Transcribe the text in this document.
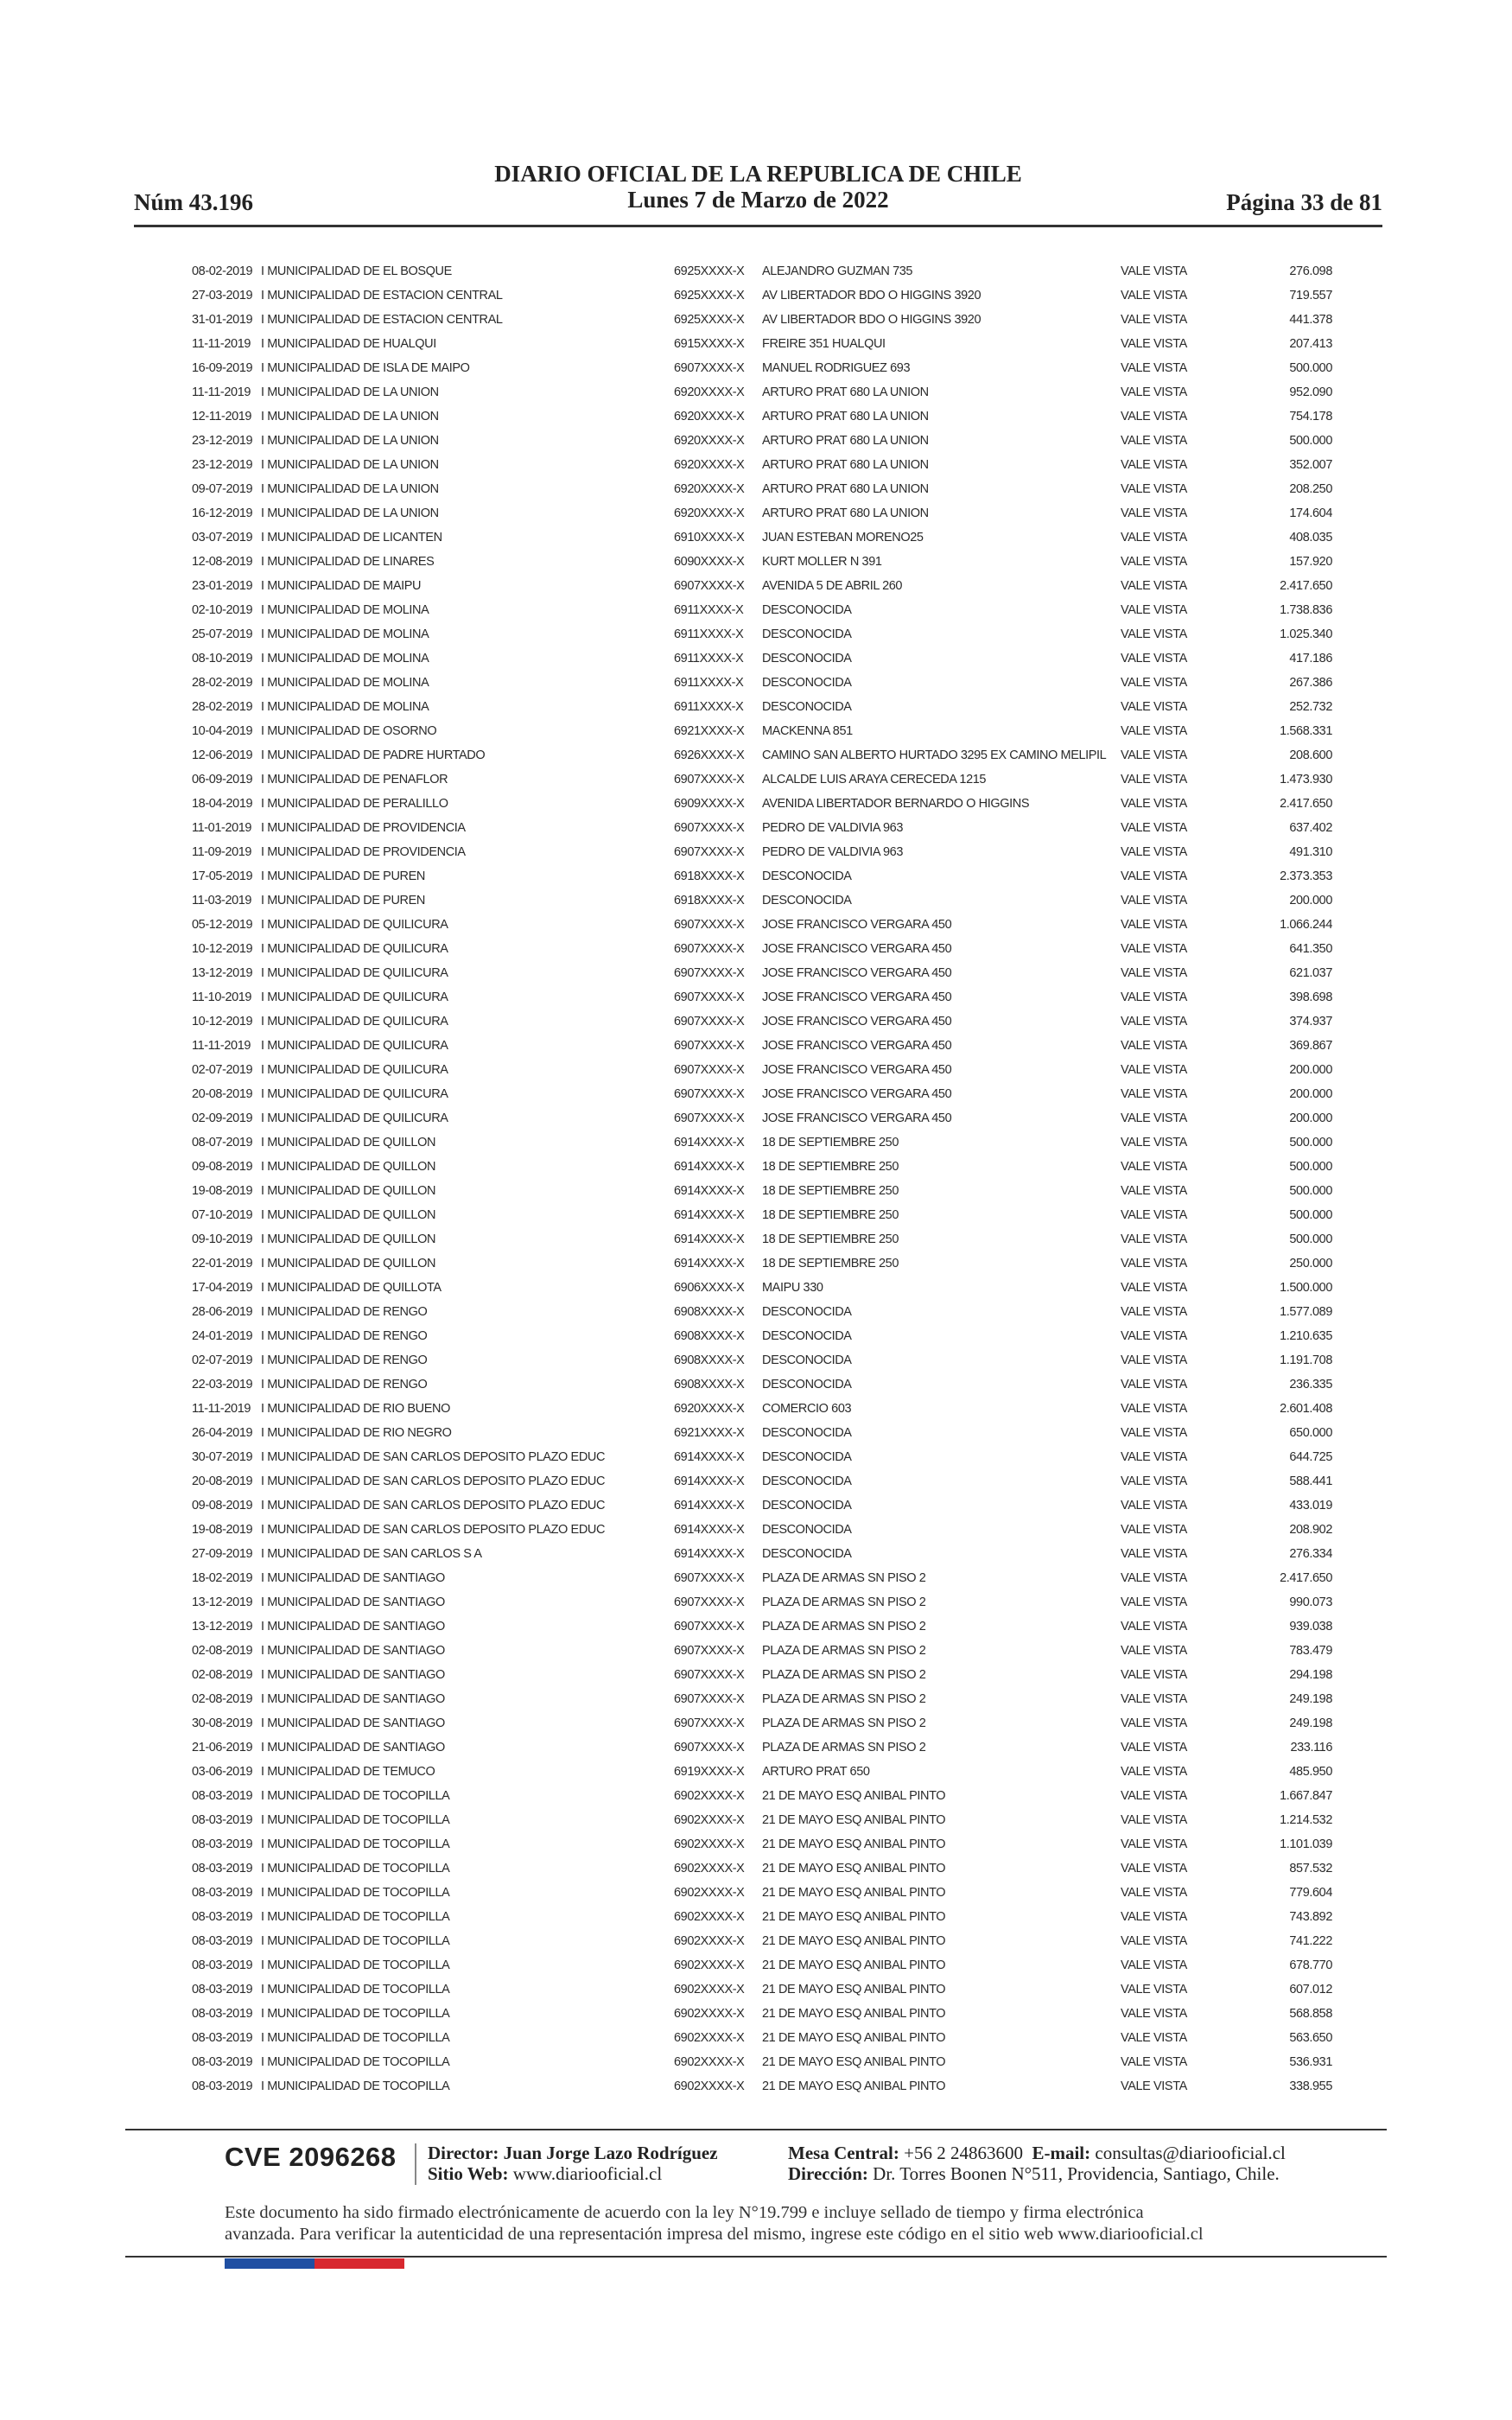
Núm 43.196
DIARIO OFICIAL DE LA REPUBLICA DE CHILE
Lunes 7 de Marzo de 2022	Página 33 de 81
08-02-2019 I MUNICIPALIDAD DE EL BOSQUE	6925XXXX-X ALEJANDRO GUZMAN 735	VALE VISTA	276.098
27-03-2019 I MUNICIPALIDAD DE ESTACION CENTRAL	6925XXXX-X AV LIBERTADOR BDO O HIGGINS 3920	VALE VISTA	719.557
31-01-2019 I MUNICIPALIDAD DE ESTACION CENTRAL	6925XXXX-X AV LIBERTADOR BDO O HIGGINS 3920	VALE VISTA	441.378
11-11-2019 I MUNICIPALIDAD DE HUALQUI	6915XXXX-X FREIRE 351 HUALQUI	VALE VISTA	207.413
16-09-2019 I MUNICIPALIDAD DE ISLA DE MAIPO	6907XXXX-X MANUEL RODRIGUEZ 693	VALE VISTA	500.000
11-11-2019 I MUNICIPALIDAD DE LA UNION	6920XXXX-X ARTURO PRAT 680 LA UNION	VALE VISTA	952.090
12-11-2019 I MUNICIPALIDAD DE LA UNION	6920XXXX-X ARTURO PRAT 680 LA UNION	VALE VISTA	754.178
23-12-2019 I MUNICIPALIDAD DE LA UNION	6920XXXX-X ARTURO PRAT 680 LA UNION	VALE VISTA	500.000
23-12-2019 I MUNICIPALIDAD DE LA UNION	6920XXXX-X ARTURO PRAT 680 LA UNION	VALE VISTA	352.007
09-07-2019 I MUNICIPALIDAD DE LA UNION	6920XXXX-X ARTURO PRAT 680 LA UNION	VALE VISTA	208.250
16-12-2019 I MUNICIPALIDAD DE LA UNION	6920XXXX-X ARTURO PRAT 680 LA UNION	VALE VISTA	174.604
03-07-2019 I MUNICIPALIDAD DE LICANTEN	6910XXXX-X JUAN ESTEBAN MORENO25	VALE VISTA	408.035
12-08-2019 I MUNICIPALIDAD DE LINARES	6090XXXX-X KURT MOLLER N 391	VALE VISTA	157.920
23-01-2019 I MUNICIPALIDAD DE MAIPU	6907XXXX-X AVENIDA 5 DE ABRIL 260	VALE VISTA	2.417.650
02-10-2019 I MUNICIPALIDAD DE MOLINA	6911XXXX-X DESCONOCIDA	VALE VISTA	1.738.836
25-07-2019 I MUNICIPALIDAD DE MOLINA	6911XXXX-X DESCONOCIDA	VALE VISTA	1.025.340
08-10-2019 I MUNICIPALIDAD DE MOLINA	6911XXXX-X DESCONOCIDA	VALE VISTA	417.186
28-02-2019 I MUNICIPALIDAD DE MOLINA	6911XXXX-X DESCONOCIDA	VALE VISTA	267.386
28-02-2019 I MUNICIPALIDAD DE MOLINA	6911XXXX-X DESCONOCIDA	VALE VISTA	252.732
10-04-2019 I MUNICIPALIDAD DE OSORNO	6921XXXX-X MACKENNA 851	VALE VISTA	1.568.331
12-06-2019 I MUNICIPALIDAD DE PADRE HURTADO	6926XXXX-X CAMINO SAN ALBERTO HURTADO 3295 EX CAMINO MELIPIL VALE VISTA	208.600
06-09-2019 I MUNICIPALIDAD DE PENAFLOR	6907XXXX-X ALCALDE LUIS ARAYA CERECEDA 1215	VALE VISTA	1.473.930
18-04-2019 I MUNICIPALIDAD DE PERALILLO	6909XXXX-X AVENIDA LIBERTADOR BERNARDO O HIGGINS	VALE VISTA	2.417.650
11-01-2019 I MUNICIPALIDAD DE PROVIDENCIA	6907XXXX-X PEDRO DE VALDIVIA 963	VALE VISTA	637.402
11-09-2019 I MUNICIPALIDAD DE PROVIDENCIA	6907XXXX-X PEDRO DE VALDIVIA 963	VALE VISTA	491.310
17-05-2019 I MUNICIPALIDAD DE PUREN	6918XXXX-X DESCONOCIDA	VALE VISTA	2.373.353
11-03-2019 I MUNICIPALIDAD DE PUREN	6918XXXX-X DESCONOCIDA	VALE VISTA	200.000
05-12-2019 I MUNICIPALIDAD DE QUILICURA	6907XXXX-X JOSE FRANCISCO VERGARA 450	VALE VISTA	1.066.244
10-12-2019 I MUNICIPALIDAD DE QUILICURA	6907XXXX-X JOSE FRANCISCO VERGARA 450	VALE VISTA	641.350
13-12-2019 I MUNICIPALIDAD DE QUILICURA	6907XXXX-X JOSE FRANCISCO VERGARA 450	VALE VISTA	621.037
11-10-2019 I MUNICIPALIDAD DE QUILICURA	6907XXXX-X JOSE FRANCISCO VERGARA 450	VALE VISTA	398.698
10-12-2019 I MUNICIPALIDAD DE QUILICURA	6907XXXX-X JOSE FRANCISCO VERGARA 450	VALE VISTA	374.937
11-11-2019 I MUNICIPALIDAD DE QUILICURA	6907XXXX-X JOSE FRANCISCO VERGARA 450	VALE VISTA	369.867
02-07-2019 I MUNICIPALIDAD DE QUILICURA	6907XXXX-X JOSE FRANCISCO VERGARA 450	VALE VISTA	200.000
20-08-2019 I MUNICIPALIDAD DE QUILICURA	6907XXXX-X JOSE FRANCISCO VERGARA 450	VALE VISTA	200.000
02-09-2019 I MUNICIPALIDAD DE QUILICURA	6907XXXX-X JOSE FRANCISCO VERGARA 450	VALE VISTA	200.000
08-07-2019 I MUNICIPALIDAD DE QUILLON	6914XXXX-X 18 DE SEPTIEMBRE 250	VALE VISTA	500.000
09-08-2019 I MUNICIPALIDAD DE QUILLON	6914XXXX-X 18 DE SEPTIEMBRE 250	VALE VISTA	500.000
19-08-2019 I MUNICIPALIDAD DE QUILLON	6914XXXX-X 18 DE SEPTIEMBRE 250	VALE VISTA	500.000
07-10-2019 I MUNICIPALIDAD DE QUILLON	6914XXXX-X 18 DE SEPTIEMBRE 250	VALE VISTA	500.000
09-10-2019 I MUNICIPALIDAD DE QUILLON	6914XXXX-X 18 DE SEPTIEMBRE 250	VALE VISTA	500.000
22-01-2019 I MUNICIPALIDAD DE QUILLON	6914XXXX-X 18 DE SEPTIEMBRE 250	VALE VISTA	250.000
17-04-2019 I MUNICIPALIDAD DE QUILLOTA	6906XXXX-X MAIPU 330	VALE VISTA	1.500.000
28-06-2019 I MUNICIPALIDAD DE RENGO	6908XXXX-X DESCONOCIDA	VALE VISTA	1.577.089
24-01-2019 I MUNICIPALIDAD DE RENGO	6908XXXX-X DESCONOCIDA	VALE VISTA	1.210.635
02-07-2019 I MUNICIPALIDAD DE RENGO	6908XXXX-X DESCONOCIDA	VALE VISTA	1.191.708
22-03-2019 I MUNICIPALIDAD DE RENGO	6908XXXX-X DESCONOCIDA	VALE VISTA	236.335
11-11-2019 I MUNICIPALIDAD DE RIO BUENO	6920XXXX-X COMERCIO 603	VALE VISTA	2.601.408
26-04-2019 I MUNICIPALIDAD DE RIO NEGRO	6921XXXX-X DESCONOCIDA	VALE VISTA	650.000
30-07-2019 I MUNICIPALIDAD DE SAN CARLOS DEPOSITO PLAZO EDUC	6914XXXX-X DESCONOCIDA	VALE VISTA	644.725
20-08-2019 I MUNICIPALIDAD DE SAN CARLOS DEPOSITO PLAZO EDUC	6914XXXX-X DESCONOCIDA	VALE VISTA	588.441
09-08-2019 I MUNICIPALIDAD DE SAN CARLOS DEPOSITO PLAZO EDUC	6914XXXX-X DESCONOCIDA	VALE VISTA	433.019
19-08-2019 I MUNICIPALIDAD DE SAN CARLOS DEPOSITO PLAZO EDUC	6914XXXX-X DESCONOCIDA	VALE VISTA	208.902
27-09-2019 I MUNICIPALIDAD DE SAN CARLOS S A	6914XXXX-X DESCONOCIDA	VALE VISTA	276.334
18-02-2019 I MUNICIPALIDAD DE SANTIAGO	6907XXXX-X PLAZA DE ARMAS SN PISO 2	VALE VISTA	2.417.650
13-12-2019 I MUNICIPALIDAD DE SANTIAGO	6907XXXX-X PLAZA DE ARMAS SN PISO 2	VALE VISTA	990.073
13-12-2019 I MUNICIPALIDAD DE SANTIAGO	6907XXXX-X PLAZA DE ARMAS SN PISO 2	VALE VISTA	939.038
02-08-2019 I MUNICIPALIDAD DE SANTIAGO	6907XXXX-X PLAZA DE ARMAS SN PISO 2	VALE VISTA	783.479
02-08-2019 I MUNICIPALIDAD DE SANTIAGO	6907XXXX-X PLAZA DE ARMAS SN PISO 2	VALE VISTA	294.198
02-08-2019 I MUNICIPALIDAD DE SANTIAGO	6907XXXX-X PLAZA DE ARMAS SN PISO 2	VALE VISTA	249.198
30-08-2019 I MUNICIPALIDAD DE SANTIAGO	6907XXXX-X PLAZA DE ARMAS SN PISO 2	VALE VISTA	249.198
21-06-2019 I MUNICIPALIDAD DE SANTIAGO	6907XXXX-X PLAZA DE ARMAS SN PISO 2	VALE VISTA	233.116
03-06-2019 I MUNICIPALIDAD DE TEMUCO	6919XXXX-X ARTURO PRAT 650	VALE VISTA	485.950
08-03-2019 I MUNICIPALIDAD DE TOCOPILLA	6902XXXX-X 21 DE MAYO ESQ ANIBAL PINTO	VALE VISTA	1.667.847
08-03-2019 I MUNICIPALIDAD DE TOCOPILLA	6902XXXX-X 21 DE MAYO ESQ ANIBAL PINTO	VALE VISTA	1.214.532
08-03-2019 I MUNICIPALIDAD DE TOCOPILLA	6902XXXX-X 21 DE MAYO ESQ ANIBAL PINTO	VALE VISTA	1.101.039
08-03-2019 I MUNICIPALIDAD DE TOCOPILLA	6902XXXX-X 21 DE MAYO ESQ ANIBAL PINTO	VALE VISTA	857.532
08-03-2019 I MUNICIPALIDAD DE TOCOPILLA	6902XXXX-X 21 DE MAYO ESQ ANIBAL PINTO	VALE VISTA	779.604
08-03-2019 I MUNICIPALIDAD DE TOCOPILLA	6902XXXX-X 21 DE MAYO ESQ ANIBAL PINTO	VALE VISTA	743.892
08-03-2019 I MUNICIPALIDAD DE TOCOPILLA	6902XXXX-X 21 DE MAYO ESQ ANIBAL PINTO	VALE VISTA	741.222
08-03-2019 I MUNICIPALIDAD DE TOCOPILLA	6902XXXX-X 21 DE MAYO ESQ ANIBAL PINTO	VALE VISTA	678.770
08-03-2019 I MUNICIPALIDAD DE TOCOPILLA	6902XXXX-X 21 DE MAYO ESQ ANIBAL PINTO	VALE VISTA	607.012
08-03-2019 I MUNICIPALIDAD DE TOCOPILLA	6902XXXX-X 21 DE MAYO ESQ ANIBAL PINTO	VALE VISTA	568.858
08-03-2019 I MUNICIPALIDAD DE TOCOPILLA	6902XXXX-X 21 DE MAYO ESQ ANIBAL PINTO	VALE VISTA	563.650
08-03-2019 I MUNICIPALIDAD DE TOCOPILLA	6902XXXX-X 21 DE MAYO ESQ ANIBAL PINTO	VALE VISTA	536.931
08-03-2019 I MUNICIPALIDAD DE TOCOPILLA	6902XXXX-X 21 DE MAYO ESQ ANIBAL PINTO	VALE VISTA	338.955
CVE 2096268 Director: Juan Jorge Lazo Rodríguez
Sitio Web: www.diariooficial.cl
Mesa Central: +56 2 24863600 E-mail: consultas@diariooficial.cl
Dirección: Dr. Torres Boonen N°511, Providencia, Santiago, Chile.
Este documento ha sido firmado electrónicamente de acuerdo con la ley N°19.799 e incluye sellado de tiempo y firma electrónica
avanzada. Para verificar la autenticidad de una representación impresa del mismo, ingrese este código en el sitio web www.diariooficial.cl
